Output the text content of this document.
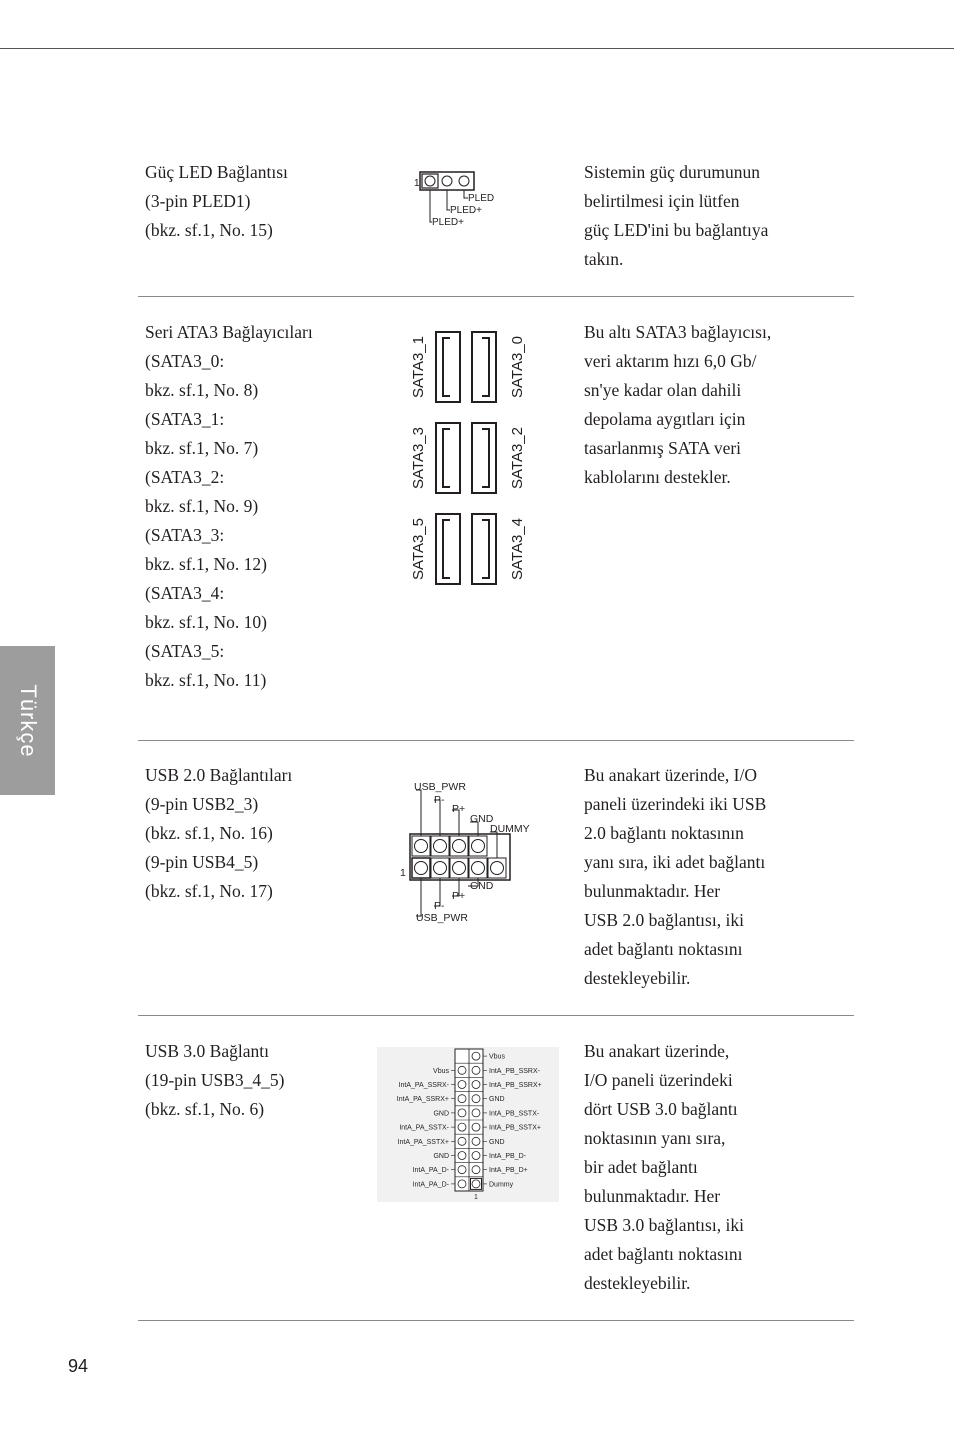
Türkçe
Güç LED Bağlantısı
(3-pin PLED1)
(bkz. sf.1, No. 15)
1
PLED
PLED+
PLED+
Sistemin güç durumunun
belirtilmesi için lütfen
güç LED'ini bu bağlantıya
takın.
Seri ATA3 Bağlayıcıları
(SATA3_0:
bkz. sf.1, No. 8)
(SATA3_1:
bkz. sf.1, No. 7)
(SATA3_2:
bkz. sf.1, No. 9)
(SATA3_3:
bkz. sf.1, No. 12)
(SATA3_4:
bkz. sf.1, No. 10)
(SATA3_5:
bkz. sf.1, No. 11)
SATA3_1	SATA3_0
SATA3_3	SATA3_2
SATA3_5	SATA3_4
Bu altı SATA3 bağlayıcısı,
veri aktarım hızı 6,0 Gb/
sn'ye kadar olan dahili
depolama aygıtları için
tasarlanmış SATA veri
kablolarını destekler.
USB 2.0 Bağlantıları
(9-pin USB2_3)
(bkz. sf.1, No. 16)
(9-pin USB4_5)
(bkz. sf.1, No. 17)
USB_PWR
P-
P+
GND
DUMMY
1
GND
P+
P-
USB_PWR
Bu anakart üzerinde, I/O
paneli üzerindeki iki USB
2.0 bağlantı noktasının
yanı sıra, iki adet bağlantı
bulunmaktadır. Her
USB 2.0 bağlantısı, iki
adet bağlantı noktasını
destekleyebilir.
USB 3.0 Bağlantı
(19-pin USB3_4_5)
(bkz. sf.1, No. 6)
Vbus
IntA_PB_SSRX-
Vbus
IntA_PB_SSRX+
IntA_PA_SSRX-
GND
IntA_PA_SSRX+
IntA_PB_SSTX-
GND
IntA_PB_SSTX+
IntA_PA_SSTX-
GND
IntA_PA_SSTX+
IntA_PB_D-
GND
IntA_PB_D+
IntA_PA_D-
Dummy
IntA_PA_D-
1
Bu anakart üzerinde,
I/O paneli üzerindeki
dört USB 3.0 bağlantı
noktasının yanı sıra,
bir adet bağlantı
bulunmaktadır. Her
USB 3.0 bağlantısı, iki
adet bağlantı noktasını
destekleyebilir.
94
